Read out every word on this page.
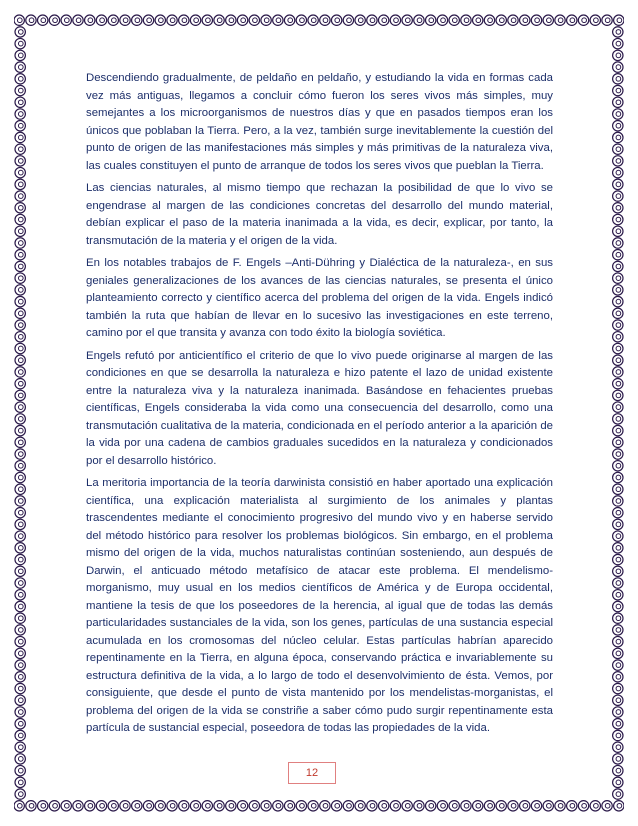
Descendiendo gradualmente, de peldaño en peldaño, y estudiando la vida en formas cada vez más antiguas, llegamos a concluir cómo fueron los seres vivos más simples, muy semejantes a los microorganismos de nuestros días y que en pasados tiempos eran los únicos que poblaban la Tierra. Pero, a la vez, también surge inevitablemente la cuestión del punto de origen de las manifestaciones más simples y más primitivas de la naturaleza viva, las cuales constituyen el punto de arranque de todos los seres vivos que pueblan la Tierra.

Las ciencias naturales, al mismo tiempo que rechazan la posibilidad de que lo vivo se engendrase al margen de las condiciones concretas del desarrollo del mundo material, debían explicar el paso de la materia inanimada a la vida, es decir, explicar, por tanto, la transmutación de la materia y el origen de la vida.

En los notables trabajos de F. Engels –Anti-Dühring y Dialéctica de la naturaleza-, en sus geniales generalizaciones de los avances de las ciencias naturales, se presenta el único planteamiento correcto y científico acerca del problema del origen de la vida. Engels indicó también la ruta que habían de llevar en lo sucesivo las investigaciones en este terreno, camino por el que transita y avanza con todo éxito la biología soviética.

Engels refutó por anticientífico el criterio de que lo vivo puede originarse al margen de las condiciones en que se desarrolla la naturaleza e hizo patente el lazo de unidad existente entre la naturaleza viva y la naturaleza inanimada. Basándose en fehacientes pruebas científicas, Engels consideraba la vida como una consecuencia del desarrollo, como una transmutación cualitativa de la materia, condicionada en el período anterior a la aparición de la vida por una cadena de cambios graduales sucedidos en la naturaleza y condicionados por el desarrollo histórico.

La meritoria importancia de la teoría darwinista consistió en haber aportado una explicación científica, una explicación materialista al surgimiento de los animales y plantas trascendentes mediante el conocimiento progresivo del mundo vivo y en haberse servido del método histórico para resolver los problemas biológicos. Sin embargo, en el problema mismo del origen de la vida, muchos naturalistas continúan sosteniendo, aun después de Darwin, el anticuado método metafísico de atacar este problema. El mendelismo-morganismo, muy usual en los medios científicos de América y de Europa occidental, mantiene la tesis de que los poseedores de la herencia, al igual que de todas las demás particularidades sustanciales de la vida, son los genes, partículas de una sustancia especial acumulada en los cromosomas del núcleo celular. Estas partículas habrían aparecido repentinamente en la Tierra, en alguna época, conservando práctica e invariablemente su estructura definitiva de la vida, a lo largo de todo el desenvolvimiento de ésta. Vemos, por consiguiente, que desde el punto de vista mantenido por los mendelistas-morganistas, el problema del origen de la vida se constriñe a saber cómo pudo surgir repentinamente esta partícula de sustancial especial, poseedora de todas las propiedades de la vida.

12
